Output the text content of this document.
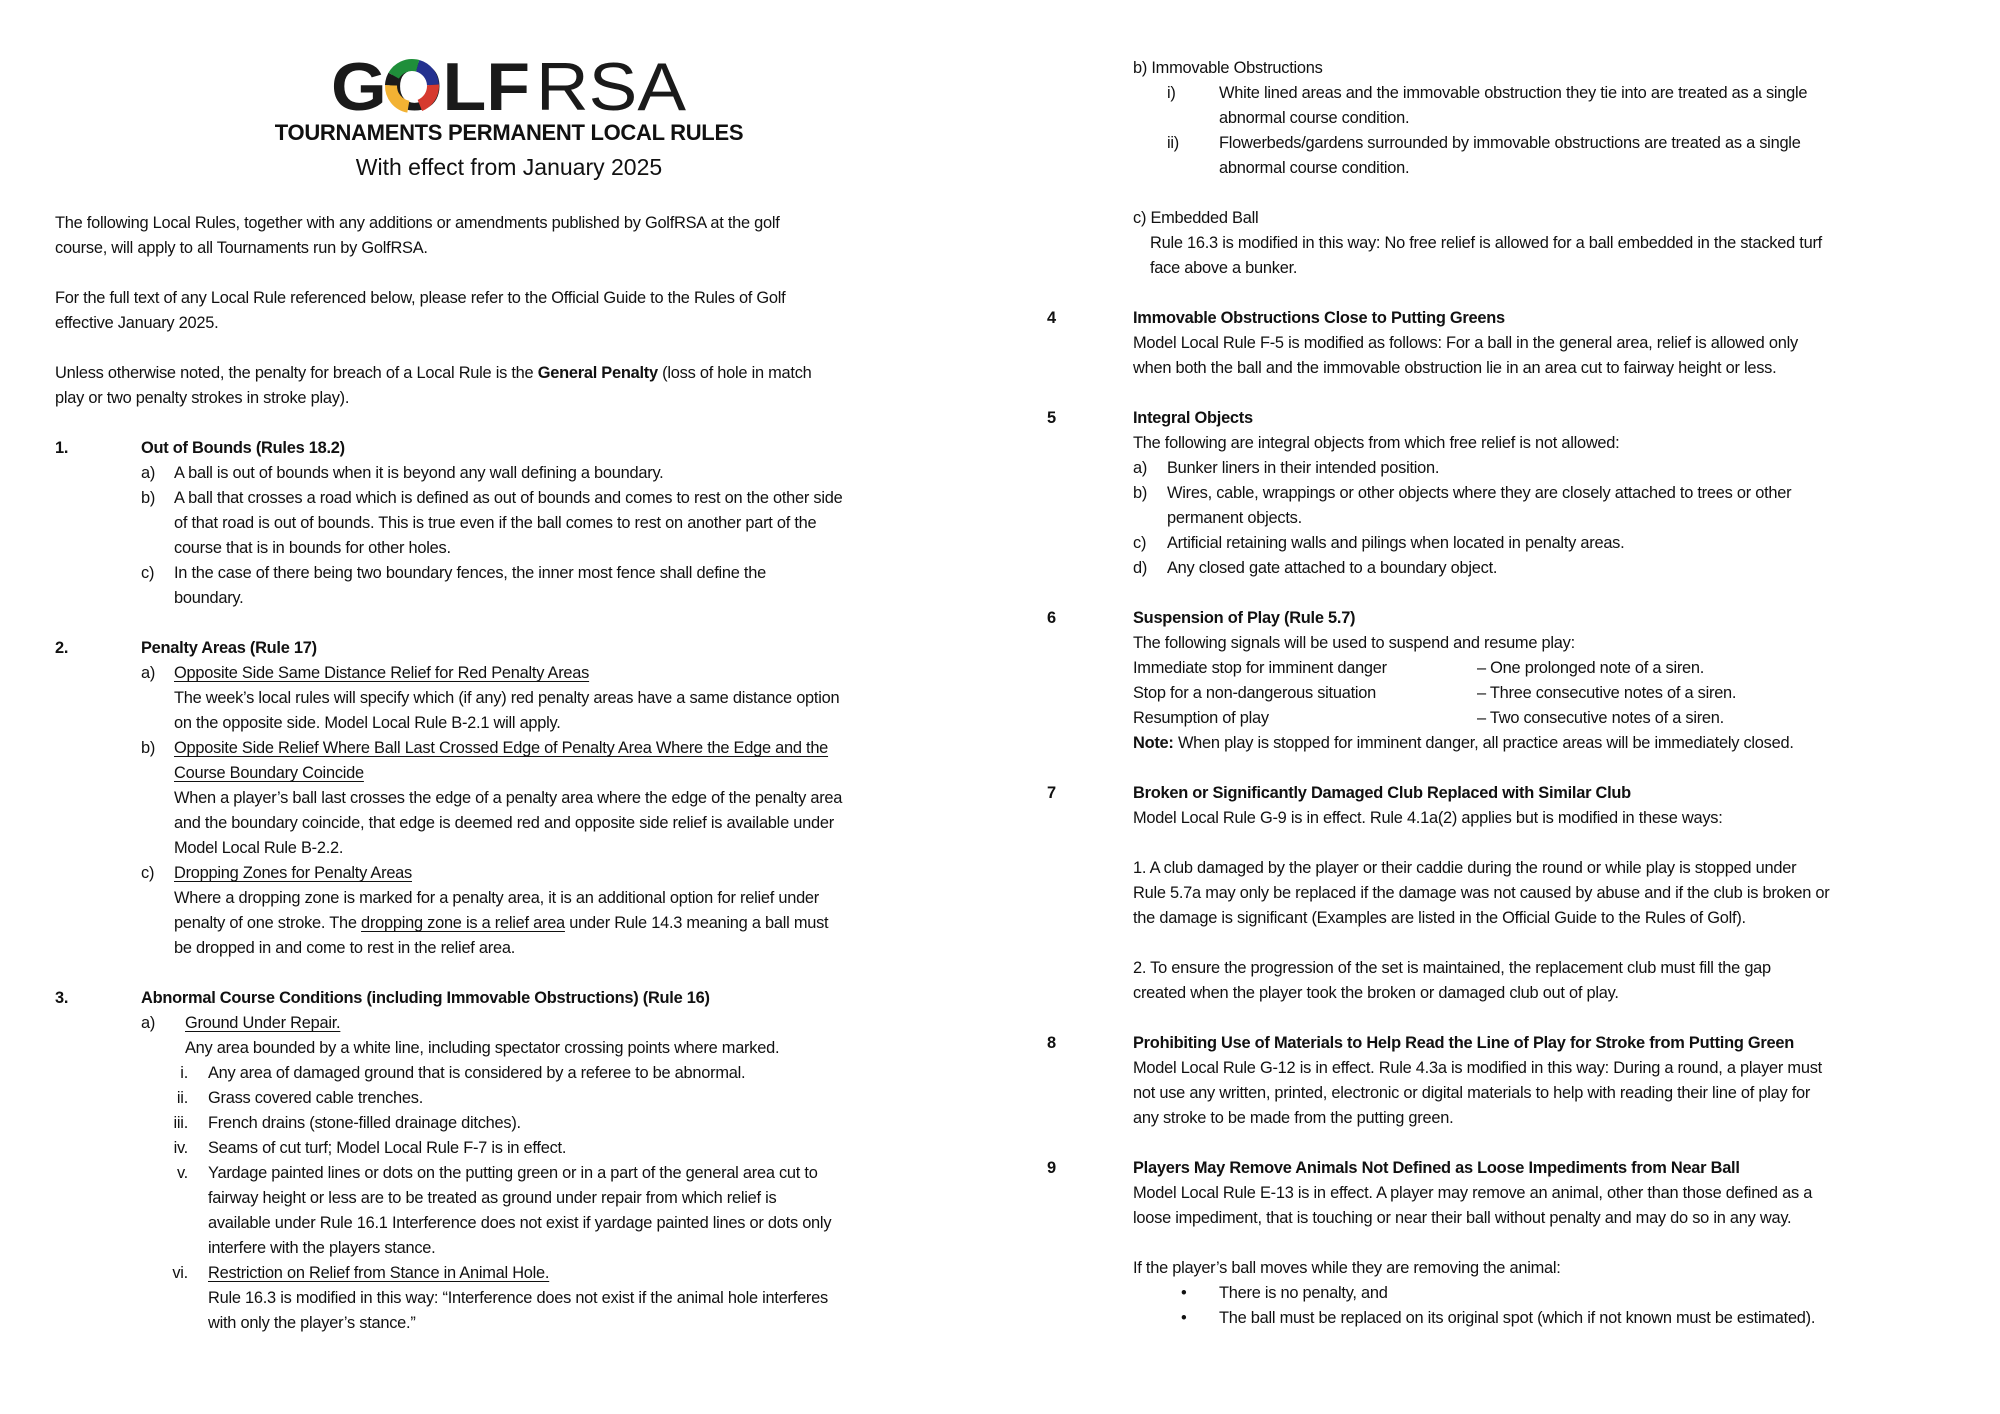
GOLF RSA
TOURNAMENTS PERMANENT LOCAL RULES
With effect from January 2025
The following Local Rules, together with any additions or amendments published by GolfRSA at the golf
course, will apply to all Tournaments run by GolfRSA.
For the full text of any Local Rule referenced below, please refer to the Official Guide to the Rules of Golf
effective January 2025.
Unless otherwise noted, the penalty for breach of a Local Rule is the General Penalty (loss of hole in match
play or two penalty strokes in stroke play).
1.	Out of Bounds (Rules 18.2)
a) A ball is out of bounds when it is beyond any wall defining a boundary.
b) A ball that crosses a road which is defined as out of bounds and comes to rest on the other side
of that road is out of bounds. This is true even if the ball comes to rest on another part of the
course that is in bounds for other holes.
c) In the case of there being two boundary fences, the inner most fence shall define the
boundary.
2.	Penalty Areas (Rule 17)
a) Opposite Side Same Distance Relief for Red Penalty Areas
The week’s local rules will specify which (if any) red penalty areas have a same distance option
on the opposite side. Model Local Rule B-2.1 will apply.
b) Opposite Side Relief Where Ball Last Crossed Edge of Penalty Area Where the Edge and the
Course Boundary Coincide
When a player’s ball last crosses the edge of a penalty area where the edge of the penalty area
and the boundary coincide, that edge is deemed red and opposite side relief is available under
Model Local Rule B-2.2.
c) Dropping Zones for Penalty Areas
Where a dropping zone is marked for a penalty area, it is an additional option for relief under
penalty of one stroke. The dropping zone is a relief area under Rule 14.3 meaning a ball must
be dropped in and come to rest in the relief area.
3.	Abnormal Course Conditions (including Immovable Obstructions) (Rule 16)
a) Ground Under Repair.
Any area bounded by a white line, including spectator crossing points where marked.
i. Any area of damaged ground that is considered by a referee to be abnormal.
ii. Grass covered cable trenches.
iii. French drains (stone-filled drainage ditches).
iv. Seams of cut turf; Model Local Rule F-7 is in effect.
v. Yardage painted lines or dots on the putting green or in a part of the general area cut to
fairway height or less are to be treated as ground under repair from which relief is
available under Rule 16.1 Interference does not exist if yardage painted lines or dots only
interfere with the players stance.
vi. Restriction on Relief from Stance in Animal Hole.
Rule 16.3 is modified in this way: “Interference does not exist if the animal hole interferes
with only the player’s stance.”
b) Immovable Obstructions
i)	White lined areas and the immovable obstruction they tie into are treated as a single
abnormal course condition.
ii) Flowerbeds/gardens surrounded by immovable obstructions are treated as a single
abnormal course condition.
c) Embedded Ball
Rule 16.3 is modified in this way: No free relief is allowed for a ball embedded in the stacked turf
face above a bunker.
4	Immovable Obstructions Close to Putting Greens
Model Local Rule F-5 is modified as follows: For a ball in the general area, relief is allowed only
when both the ball and the immovable obstruction lie in an area cut to fairway height or less.
5	Integral Objects
The following are integral objects from which free relief is not allowed:
a) Bunker liners in their intended position.
b) Wires, cable, wrappings or other objects where they are closely attached to trees or other
permanent objects.
c) Artificial retaining walls and pilings when located in penalty areas.
d) Any closed gate attached to a boundary object.
6	Suspension of Play (Rule 5.7)
The following signals will be used to suspend and resume play:
Immediate stop for imminent danger	– One prolonged note of a siren.
Stop for a non-dangerous situation	– Three consecutive notes of a siren.
Resumption of play	– Two consecutive notes of a siren.
Note: When play is stopped for imminent danger, all practice areas will be immediately closed.
7	Broken or Significantly Damaged Club Replaced with Similar Club
Model Local Rule G-9 is in effect. Rule 4.1a(2) applies but is modified in these ways:
1. A club damaged by the player or their caddie during the round or while play is stopped under
Rule 5.7a may only be replaced if the damage was not caused by abuse and if the club is broken or
the damage is significant (Examples are listed in the Official Guide to the Rules of Golf).
2. To ensure the progression of the set is maintained, the replacement club must fill the gap
created when the player took the broken or damaged club out of play.
8	Prohibiting Use of Materials to Help Read the Line of Play for Stroke from Putting Green
Model Local Rule G-12 is in effect. Rule 4.3a is modified in this way: During a round, a player must
not use any written, printed, electronic or digital materials to help with reading their line of play for
any stroke to be made from the putting green.
9	Players May Remove Animals Not Defined as Loose Impediments from Near Ball
Model Local Rule E-13 is in effect. A player may remove an animal, other than those defined as a
loose impediment, that is touching or near their ball without penalty and may do so in any way.
If the player’s ball moves while they are removing the animal:
• There is no penalty, and
• The ball must be replaced on its original spot (which if not known must be estimated).
